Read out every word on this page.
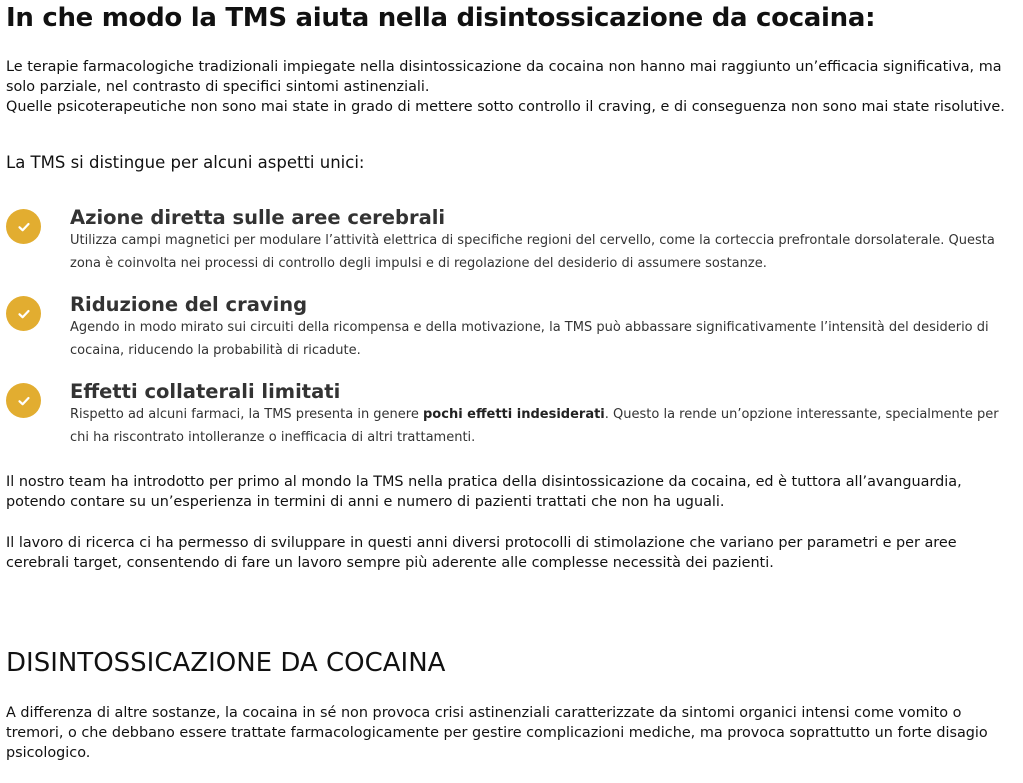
In che modo la TMS aiuta nella disintossicazione da cocaina:
Le terapie farmacologiche tradizionali impiegate nella disintossicazione da cocaina non hanno mai raggiunto un’efficacia significativa, ma solo parziale, nel contrasto di specifici sintomi astinenziali.
Quelle psicoterapeutiche non sono mai state in grado di mettere sotto controllo il craving, e di conseguenza non sono mai state risolutive.

La TMS si distingue per alcuni aspetti unici:

Azione diretta sulle aree cerebrali

Utilizza campi magnetici per modulare l’attività elettrica di specifiche regioni del cervello, come la corteccia prefrontale dorsolaterale. Questa zona è coinvolta nei processi di controllo degli impulsi e di regolazione del desiderio di assumere sostanze.

Riduzione del craving

Agendo in modo mirato sui circuiti della ricompensa e della motivazione, la TMS può abbassare significativamente l’intensità del desiderio di cocaina, riducendo la probabilità di ricadute.

Effetti collaterali limitati

Rispetto ad alcuni farmaci, la TMS presenta in genere pochi effetti indesiderati. Questo la rende un’opzione interessante, specialmente per chi ha riscontrato intolleranze o inefficacia di altri trattamenti.

Il nostro team ha introdotto per primo al mondo la TMS nella pratica della disintossicazione da cocaina, ed è tuttora all’avanguardia, potendo contare su un’esperienza in termini di anni e numero di pazienti trattati che non ha uguali.

Il lavoro di ricerca ci ha permesso di sviluppare in questi anni diversi protocolli di stimolazione che variano per parametri e per aree cerebrali target, consentendo di fare un lavoro sempre più aderente alle complesse necessità dei pazienti.

DISINTOSSICAZIONE DA COCAINA

A differenza di altre sostanze, la cocaina in sé non provoca crisi astinenziali caratterizzate da sintomi organici intensi come vomito o tremori, o che debbano essere trattate farmacologicamente per gestire complicazioni mediche, ma provoca soprattutto un forte disagio psicologico.
